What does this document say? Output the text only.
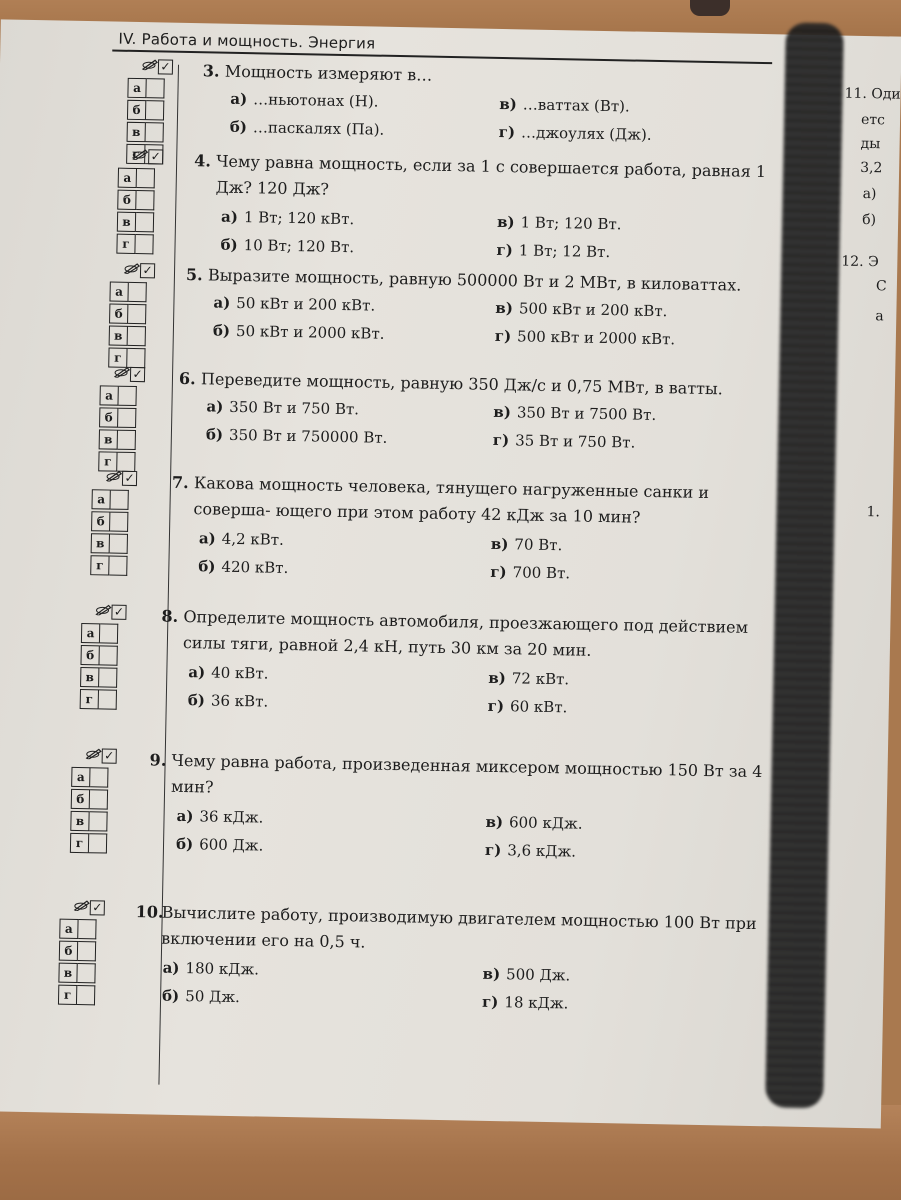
IV. Работа и мощность. Энергия
✓
а
б
в
г
3. Мощность измеряют в…
а) …ньютонах (Н).
б) …паскалях (Па).
в) …ваттах (Вт).
г) …джоулях (Дж).
✓
а
б
в
г
4. Чему равна мощность, если за 1 с совершается работа, равная 1 Дж? 120 Дж?
а) 1 Вт; 120 кВт.
б) 10 Вт; 120 Вт.
в) 1 Вт; 120 Вт.
г) 1 Вт; 12 Вт.
✓
а
б
в
г
5. Выразите мощность, равную 500000 Вт и 2 МВт, в киловаттах.
а) 50 кВт и 200 кВт.
б) 50 кВт и 2000 кВт.
в) 500 кВт и 200 кВт.
г) 500 кВт и 2000 кВт.
✓
а
б
в
г
6. Переведите мощность, равную 350 Дж/с и 0,75 МВт, в ватты.
а) 350 Вт и 750 Вт.
б) 350 Вт и 750000 Вт.
в) 350 Вт и 7500 Вт.
г) 35 Вт и 750 Вт.
✓
а
б
в
г
7. Какова мощность человека, тянущего нагруженные санки и соверша- ющего при этом работу 42 кДж за 10 мин?
а) 4,2 кВт.
б) 420 кВт.
в) 70 Вт.
г) 700 Вт.
✓
а
б
в
г
8. Определите мощность автомобиля, проезжающего под действием силы тяги, равной 2,4 кН, путь 30 км за 20 мин.
а) 40 кВт.
б) 36 кВт.
в) 72 кВт.
г) 60 кВт.
✓
а
б
в
г
9. Чему равна работа, произведенная миксером мощностью 150 Вт за 4 мин?
а) 36 кДж.
б) 600 Дж.
в) 600 кДж.
г) 3,6 кДж.
✓
а
б
в
г
10.
Вычислите работу, производимую двигателем мощностью 100 Вт при включении его на 0,5 ч.
а) 180 кДж.
б) 50 Дж.
в) 500 Дж.
г) 18 кДж.
11. Оди
етс
ды
3,2
а)
б)
12. Э
С
а
1.
